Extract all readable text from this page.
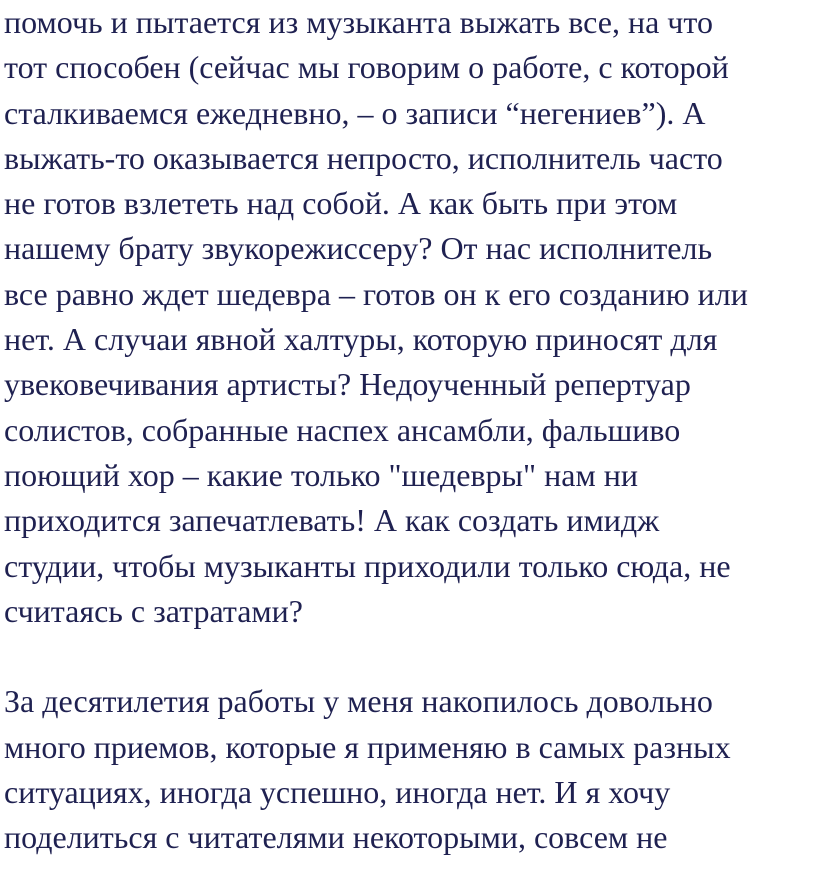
помочь и пытается из музыканта выжать все, на что
тот способен (сейчас мы говорим о работе, с которой
сталкиваемся ежедневно, – о записи “негениев”). А
выжать-то оказывается непросто, исполнитель часто
не готов взлететь над собой. А как быть при этом
нашему брату звукорежиссеру? От нас исполнитель
все равно ждет шедевра – готов он к его созданию или
нет. А случаи явной халтуры, которую приносят для
увековечивания артисты? Недоученный репертуар
солистов, собранные наспех ансамбли, фальшиво
поющий хор – какие только "шедевры" нам ни
приходится запечатлевать! А как создать имидж
студии, чтобы музыканты приходили только сюда, не
считаясь с затратами?
За десятилетия работы у меня накопилось довольно
много приемов, которые я применяю в самых разных
ситуациях, иногда успешно, иногда нет. И я хочу
поделиться с читателями некоторыми, совсем не
